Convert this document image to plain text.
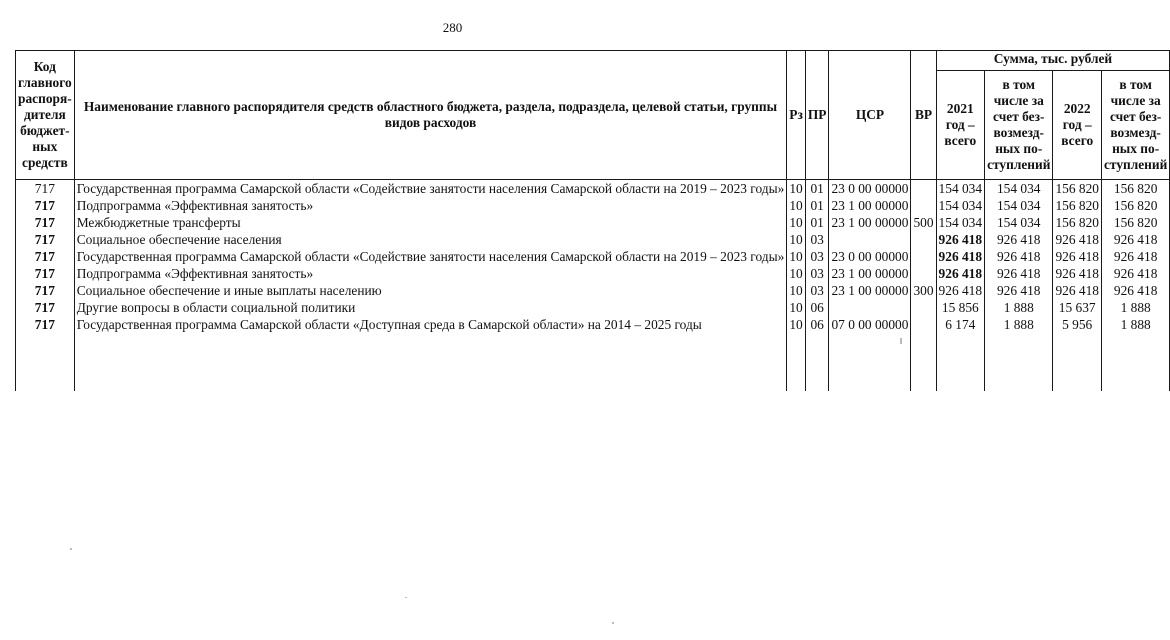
280
Код главного распоря-дителя бюджет-ных средств	Наименование главного распорядителя средств областного бюджета, раздела, подраздела, целевой статьи, группы видов расходов	Рз	ПР	ЦСР	ВР	Сумма, тыс. рублей			
						2021 год – всего	в том числе за счет без-возмезд-ных по-ступлений	2022 год – всего	в том числе за счет без-возмезд-ных по-ступлений
717	Государственная программа Самарской области «Содействие занятости населения Самарской области на 2019 – 2023 годы»	10	01	23 0 00 00000		154 034	154 034	156 820	156 820
717	Подпрограмма «Эффективная занятость»	10	01	23 1 00 00000		154 034	154 034	156 820	156 820
717	Межбюджетные трансферты	10	01	23 1 00 00000	500	154 034	154 034	156 820	156 820
717	Социальное обеспечение населения	10	03			926 418	926 418	926 418	926 418
717	Государственная программа Самарской области «Содействие занятости населения Самарской области на 2019 – 2023 годы»	10	03	23 0 00 00000		926 418	926 418	926 418	926 418
717	Подпрограмма «Эффективная занятость»	10	03	23 1 00 00000		926 418	926 418	926 418	926 418
717	Социальное обеспечение и иные выплаты населению	10	03	23 1 00 00000	300	926 418	926 418	926 418	926 418
717	Другие вопросы в области социальной политики	10	06			15 856	1 888	15 637	1 888
717	Государственная программа Самарской области «Доступная среда в Самарской области» на 2014 – 2025 годы	10	06	07 0 00 00000		6 174	1 888	5 956	1 888
